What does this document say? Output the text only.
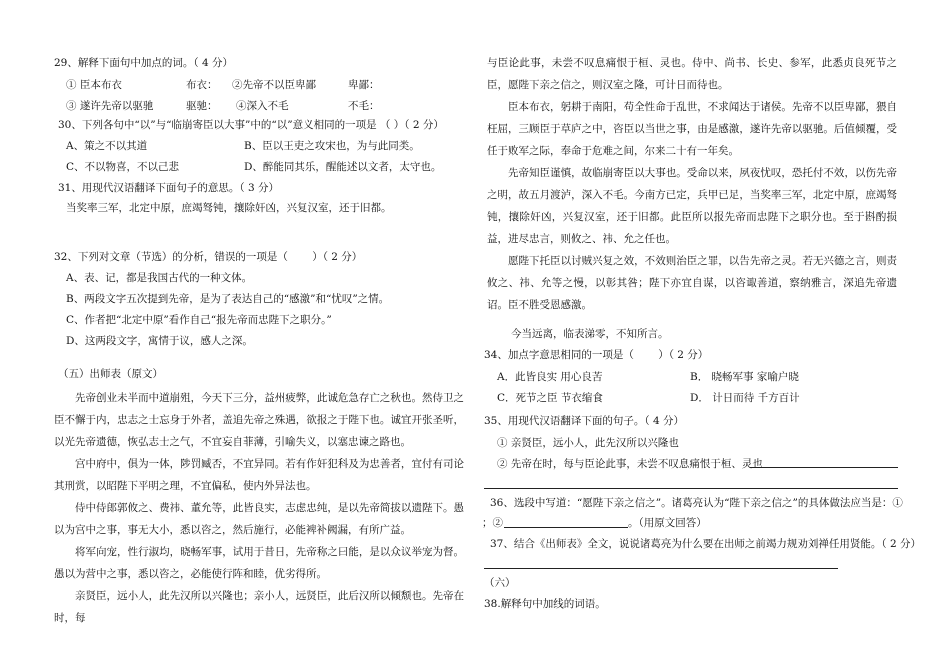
29、解释下面句中加点的词。（ 4 分）
① 臣本布衣	布衣： ②先帝不以臣卑鄙	卑鄙：
③ 遂许先帝以驱驰	驱驰： ④深入不毛	不毛：
30、下列各句中“以”与“临崩寄臣以大事”中的“以”意义相同的一项是 （ ）（ 2 分）
A、策之不以其道	B、臣以王吏之攻宋也，为与此同类。
C、不以物喜，不以己悲	D、醉能同其乐，醒能述以文者，太守也。
31、用现代汉语翻译下面句子的意思。（ 3 分）
当奖率三军，北定中原，庶竭驽钝，攘除奸凶，兴复汉室，还于旧都。
32、下列对文章（节选）的分析，错误的一项是（ 　　）（ 2 分）
A、表、记，都是我国古代的一种文体。
B、两段文字五次提到先帝，是为了表达自己的“感激”和“忧叹”之情。
C、作者把“北定中原”看作自己“报先帝而忠陛下之职分。”
D、这两段文字，寓情于议，感人之深。
（五）出师表（原文）
先帝创业未半而中道崩殂，今天下三分，益州疲弊，此诚危急存亡之秋也。然侍卫之臣不懈于内，忠志之士忘身于外者，盖追先帝之殊遇，欲报之于陛下也。诚宜开张圣听，以光先帝遗德，恢弘志士之气，不宜妄自菲薄，引喻失义，以塞忠谏之路也。
宫中府中，俱为一体，陟罚臧否，不宜异同。若有作奸犯科及为忠善者，宜付有司论其刑赏，以昭陛下平明之理，不宜偏私，使内外异法也。
侍中侍郎郭攸之、费祎、董允等，此皆良实，志虑忠纯，是以先帝简拔以遗陛下。愚以为宫中之事，事无大小，悉以咨之，然后施行，必能裨补阙漏，有所广益。
将军向宠，性行淑均，晓畅军事，试用于昔日，先帝称之曰能，是以众议举宠为督。愚以为营中之事，悉以咨之，必能使行阵和睦，优劣得所。
亲贤臣，远小人，此先汉所以兴隆也；亲小人，远贤臣，此后汉所以倾颓也。先帝在时，每
与臣论此事，未尝不叹息痛恨于桓、灵也。侍中、尚书、长史、参军，此悉贞良死节之臣，愿陛下亲之信之，则汉室之隆，可计日而待也。
臣本布衣，躬耕于南阳，苟全性命于乱世，不求闻达于诸侯。先帝不以臣卑鄙，猥自枉屈，三顾臣于草庐之中，咨臣以当世之事，由是感激，遂许先帝以驱驰。后值倾覆，受任于败军之际，奉命于危难之间，尔来二十有一年矣。
先帝知臣谨慎，故临崩寄臣以大事也。受命以来，夙夜忧叹，恐托付不效，以伤先帝之明，故五月渡泸，深入不毛。今南方已定，兵甲已足，当奖率三军，北定中原，庶竭驽钝，攘除奸凶，兴复汉室，还于旧都。此臣所以报先帝而忠陛下之职分也。至于斟酌损益，进尽忠言，则攸之、祎、允之任也。
愿陛下托臣以讨贼兴复之效，不效则治臣之罪，以告先帝之灵。若无兴德之言，则责攸之、祎、允等之慢，以彰其咎；陛下亦宜自谋，以咨诹善道，察纳雅言，深追先帝遗诏。臣不胜受恩感激。
今当远离，临表涕零，不知所言。
34、加点字意思相同的一项是（ 　　）（ 2 分）
A．此皆良实 用心良苦	B． 晓畅军事 家喻户晓
C．死节之臣 节衣缩食	D． 计日而待 千方百计
35、用现代汉语翻译下面的句子。（ 4 分）
① 亲贤臣，远小人，此先汉所以兴隆也
② 先帝在时，每与臣论此事，未尝不叹息痛恨于桓、灵也
36、选段中写道：“愿陛下亲之信之”。诸葛亮认为“陛下亲之信之”的具体做法应当是：①
；②	。（用原文回答）
37、结合《出师表》全文，说说诸葛亮为什么要在出师之前竭力规劝刘禅任用贤能。（ 2 分）
（六）
38.解释句中加线的词语。
